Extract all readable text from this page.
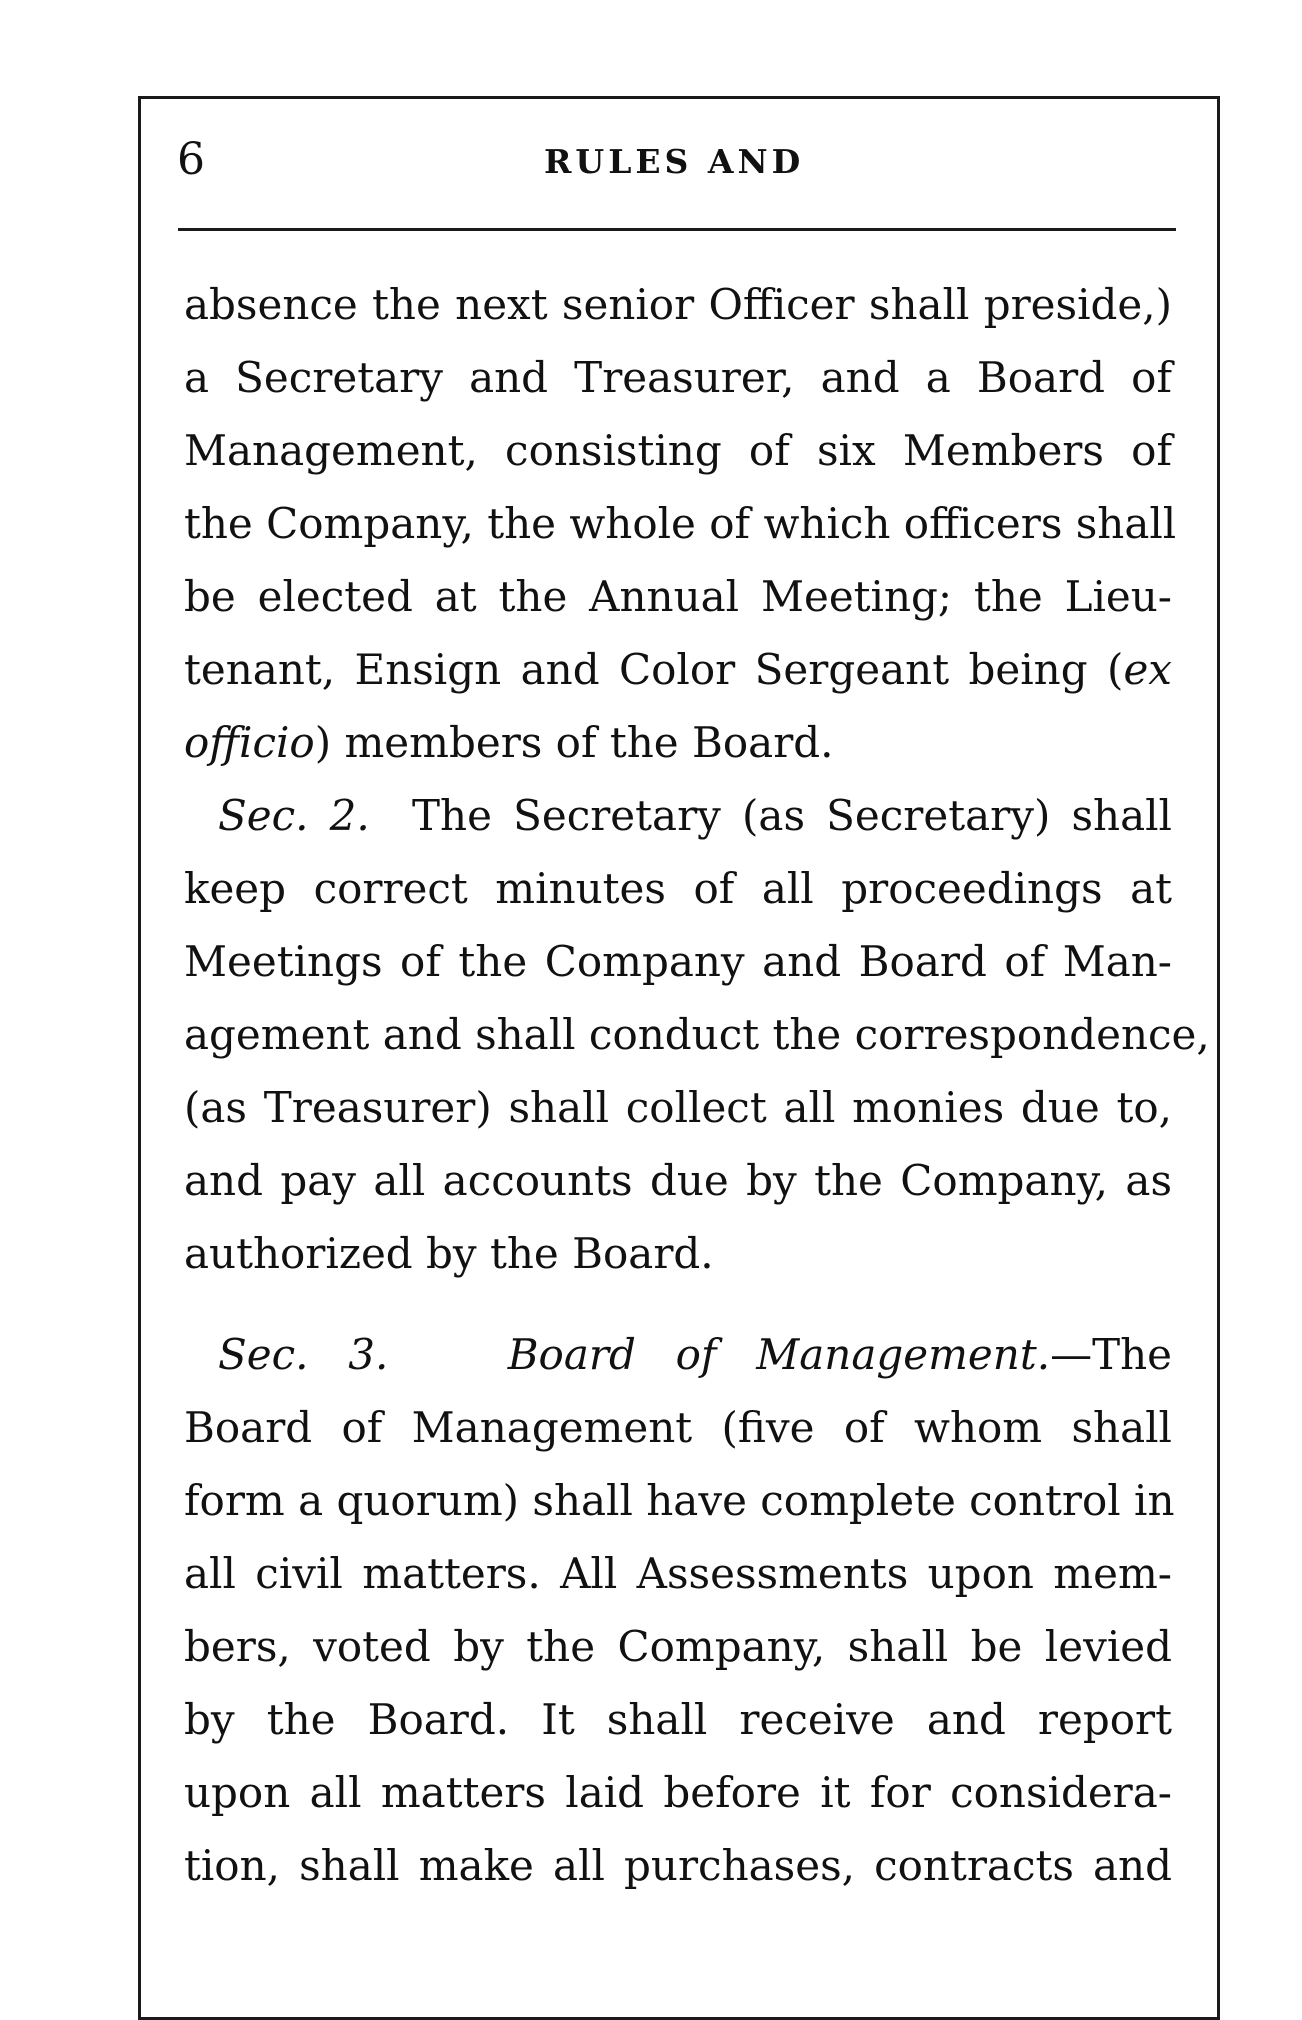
6	RULES AND
absence the next senior Officer shall preside,)
a Secretary and Treasurer, and a Board of
Management, consisting of six Members of
the Company, the whole of which officers shall
be elected at the Annual Meeting; the Lieu-
tenant, Ensign and Color Sergeant being (ex
officio) members of the Board.
Sec. 2. The Secretary (as Secretary) shall
keep correct minutes of all proceedings at
Meetings of the Company and Board of Man-
agement and shall conduct the correspondence,
(as Treasurer) shall collect all monies due to,
and pay all accounts due by the Company, as
authorized by the Board.
Sec. 3.	Board of Management.—The
Board of Management (five of whom shall
form a quorum) shall have complete control in
all civil matters. All Assessments upon mem-
bers, voted by the Company, shall be levied
by the Board. It shall receive and report
upon all matters laid before it for considera-
tion, shall make all purchases, contracts and
